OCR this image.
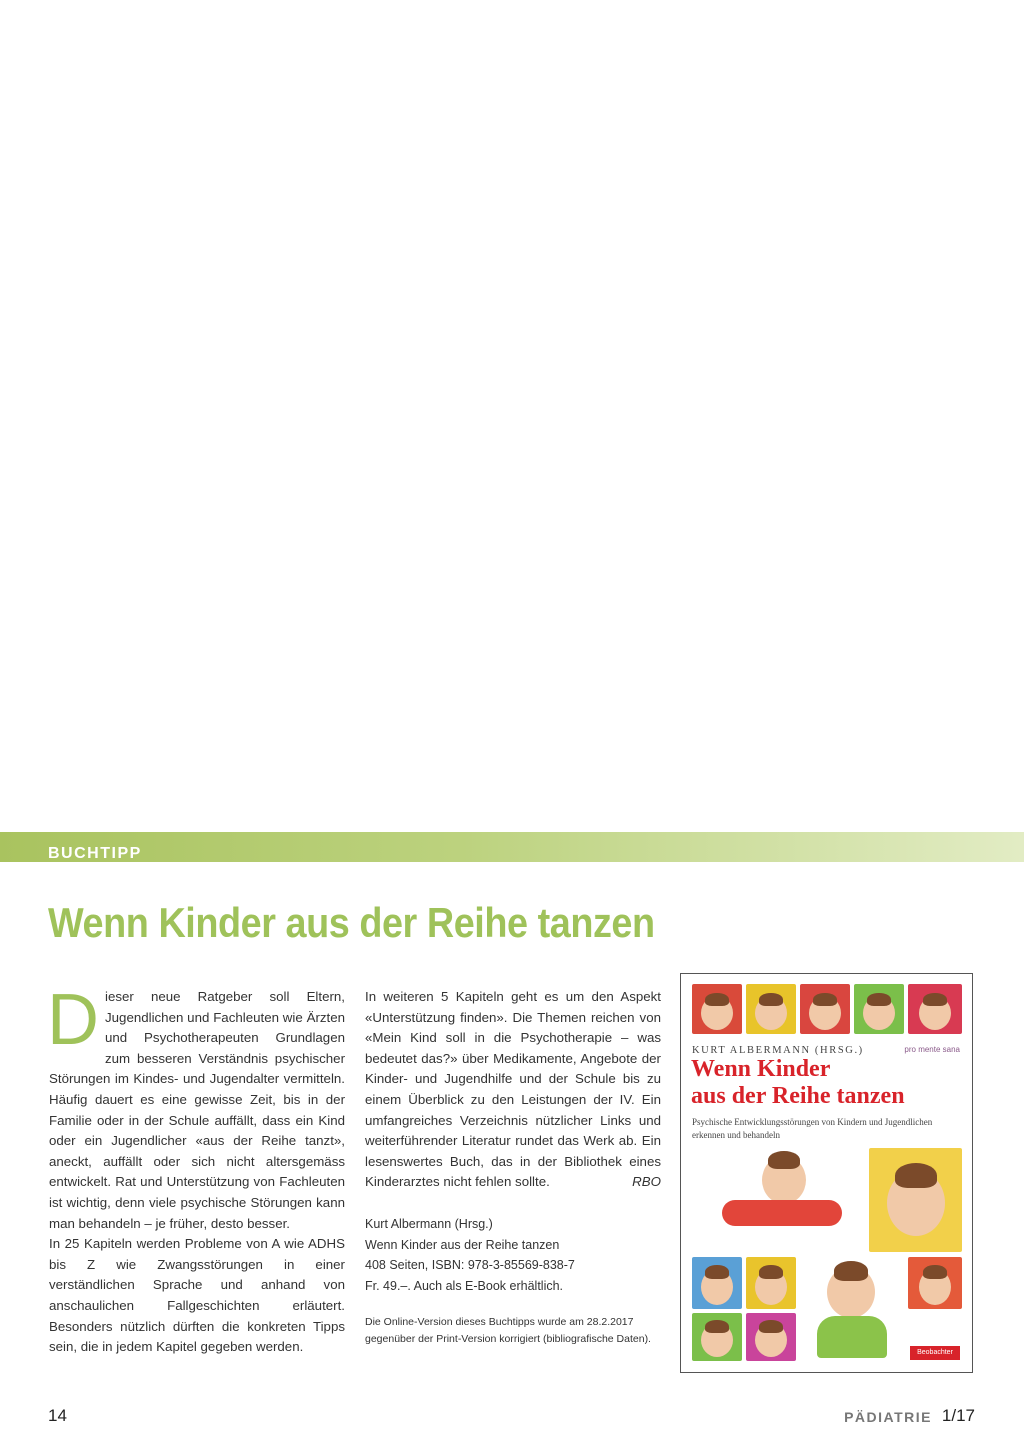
BUCHTIPP
Wenn Kinder aus der Reihe tanzen

Dieser neue Ratgeber soll Eltern, Jugendlichen und Fachleuten wie Ärzten und Psychotherapeuten Grundlagen zum besseren Verständnis psychischer Störungen im Kindes- und Jugendalter vermitteln. Häufig dauert es eine gewisse Zeit, bis in der Familie oder in der Schule auffällt, dass ein Kind oder ein Jugendlicher «aus der Reihe tanzt», aneckt, auffällt oder sich nicht altersgemäss entwickelt. Rat und Unterstützung von Fachleuten ist wichtig, denn viele psychische Störungen kann man behandeln – je früher, desto besser.

In 25 Kapiteln werden Probleme von A wie ADHS bis Z wie Zwangsstörungen in einer verständlichen Sprache und anhand von anschaulichen Fallgeschichten erläutert. Besonders nützlich dürften die konkreten Tipps sein, die in jedem Kapitel gegeben werden.

In weiteren 5 Kapiteln geht es um den Aspekt «Unterstützung finden». Die Themen reichen von «Mein Kind soll in die Psychotherapie – was bedeutet das?» über Medikamente, Angebote der Kinder- und Jugendhilfe und der Schule bis zu einem Überblick zu den Leistungen der IV. Ein umfangreiches Verzeichnis nützlicher Links und weiterführender Literatur rundet das Werk ab. Ein lesenswertes Buch, das in der Bibliothek eines Kinderarztes nicht fehlen sollte.	RBO

Kurt Albermann (Hrsg.)
Wenn Kinder aus der Reihe tanzen
408 Seiten, ISBN: 978-3-85569-838-7
Fr. 49.–. Auch als E-Book erhältlich.

Die Online-Version dieses Buchtipps wurde am 28.2.2017 gegenüber der Print-Version korrigiert (bibliografische Daten).

KURT ALBERMANN (HRSG.)	pro mente sana
Wenn Kinder
aus der Reihe tanzen
Psychische Entwicklungsstörungen von Kindern und Jugendlichen erkennen und behandeln
Beobachter
14	PÄDIATRIE 1/17
